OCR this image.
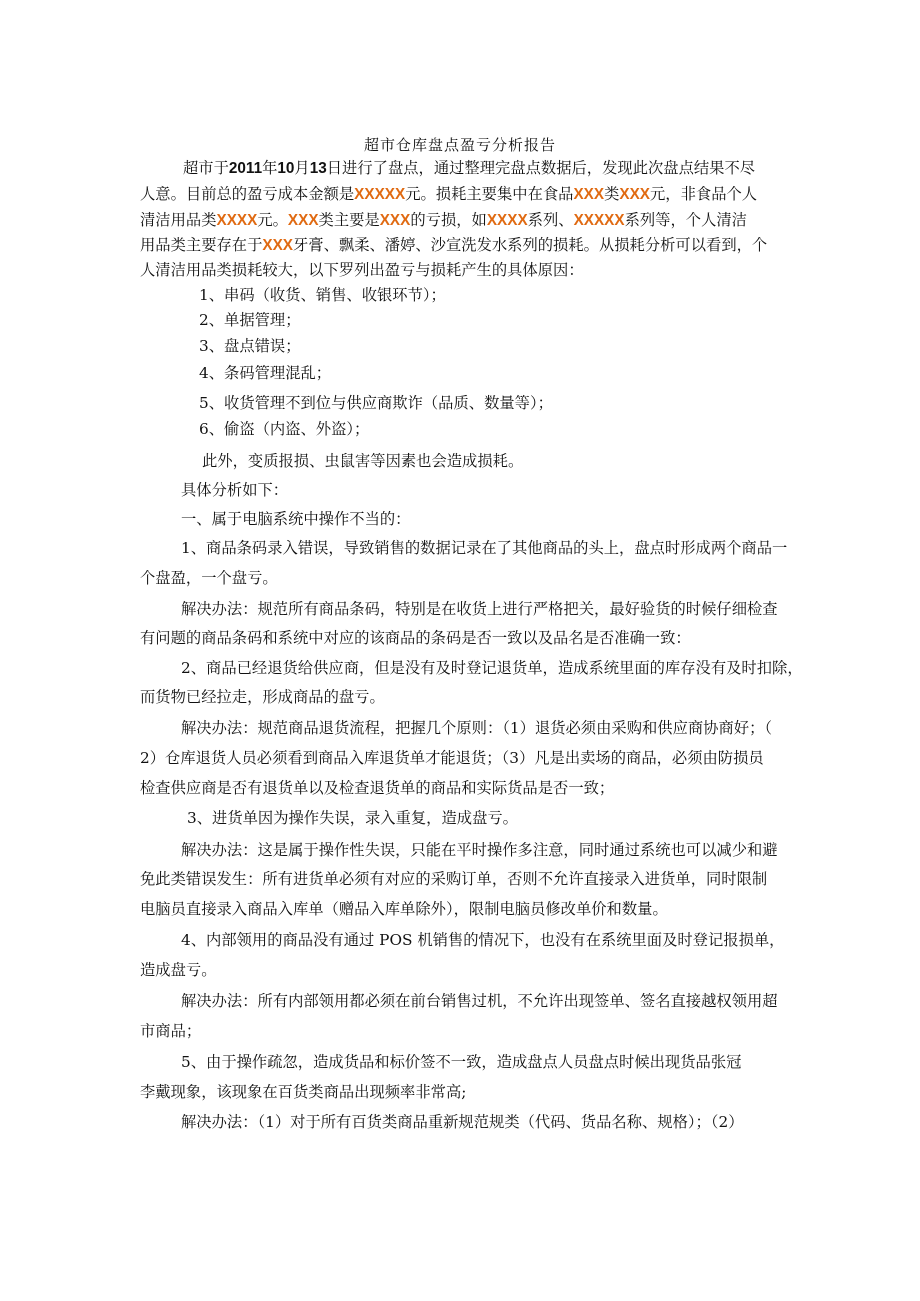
超市仓库盘点盈亏分析报告
超市于2011年10月13日进行了盘点，通过整理完盘点数据后，发现此次盘点结果不尽
人意。目前总的盈亏成本金额是XXXXX元。损耗主要集中在食品XXX类XXX元，非食品个人
清洁用品类XXXX元。XXX类主要是XXX的亏损，如XXXX系列、XXXXX系列等，个人清洁
用品类主要存在于XXX牙膏、飘柔、潘婷、沙宣洗发水系列的损耗。从损耗分析可以看到，个
人清洁用品类损耗较大，以下罗列出盈亏与损耗产生的具体原因：
1、串码（收货、销售、收银环节）；
2、单据管理；
3、盘点错误；
4、条码管理混乱；
5、收货管理不到位与供应商欺诈（品质、数量等）；
6、偷盗（内盗、外盗）；
此外，变质报损、虫鼠害等因素也会造成损耗。
具体分析如下：
一、属于电脑系统中操作不当的：
1、商品条码录入错误，导致销售的数据记录在了其他商品的头上，盘点时形成两个商品一
个盘盈，一个盘亏。
解决办法：规范所有商品条码，特别是在收货上进行严格把关，最好验货的时候仔细检查
有问题的商品条码和系统中对应的该商品的条码是否一致以及品名是否准确一致：
2、商品已经退货给供应商，但是没有及时登记退货单，造成系统里面的库存没有及时扣除，
而货物已经拉走，形成商品的盘亏。
解决办法：规范商品退货流程，把握几个原则：（1）退货必须由采购和供应商协商好；（
2）仓库退货人员必须看到商品入库退货单才能退货；（3）凡是出卖场的商品，必须由防损员
检查供应商是否有退货单以及检查退货单的商品和实际货品是否一致；
3、进货单因为操作失误，录入重复，造成盘亏。
解决办法：这是属于操作性失误，只能在平时操作多注意，同时通过系统也可以减少和避
免此类错误发生：所有进货单必须有对应的采购订单，否则不允许直接录入进货单，同时限制
电脑员直接录入商品入库单（赠品入库单除外），限制电脑员修改单价和数量。
4、内部领用的商品没有通过 POS 机销售的情况下，也没有在系统里面及时登记报损单，
造成盘亏。
解决办法：所有内部领用都必须在前台销售过机，不允许出现签单、签名直接越权领用超
市商品；
5、由于操作疏忽，造成货品和标价签不一致，造成盘点人员盘点时候出现货品张冠
李戴现象，该现象在百货类商品出现频率非常高;
解决办法：（1）对于所有百货类商品重新规范规类（代码、货品名称、规格）；（2）
